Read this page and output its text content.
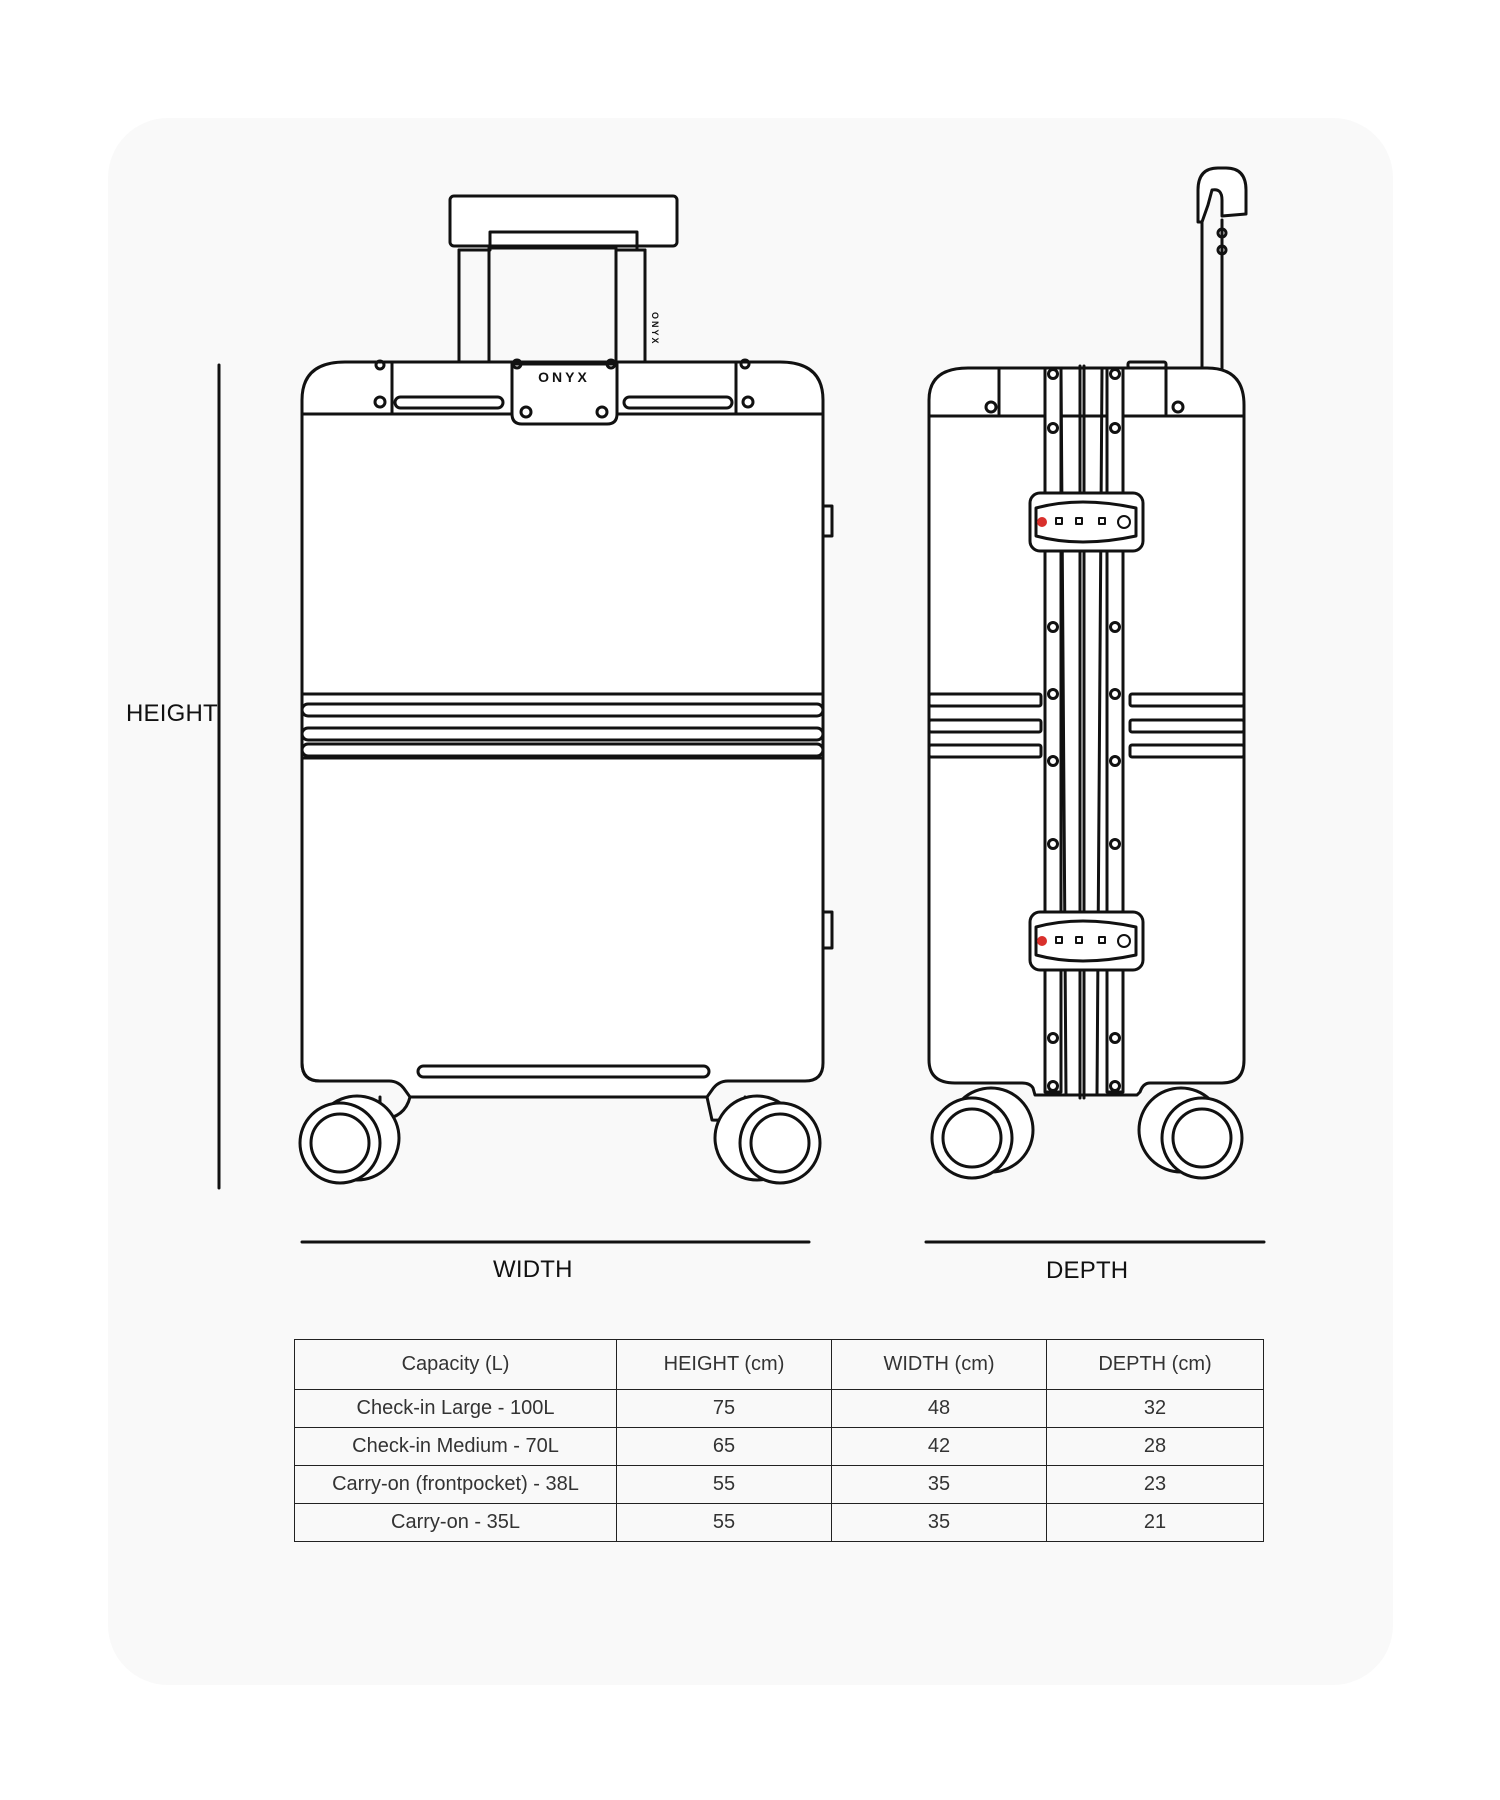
ONYX
ONYX
HEIGHT
WIDTH	DEPTH
Capacity (L)	HEIGHT (cm)	WIDTH (cm)	DEPTH (cm)
Check-in Large - 100L	75	48	32
Check-in Medium - 70L	65	42	28
Carry-on (frontpocket) - 38L	55	35	23
Carry-on - 35L	55	35	21
